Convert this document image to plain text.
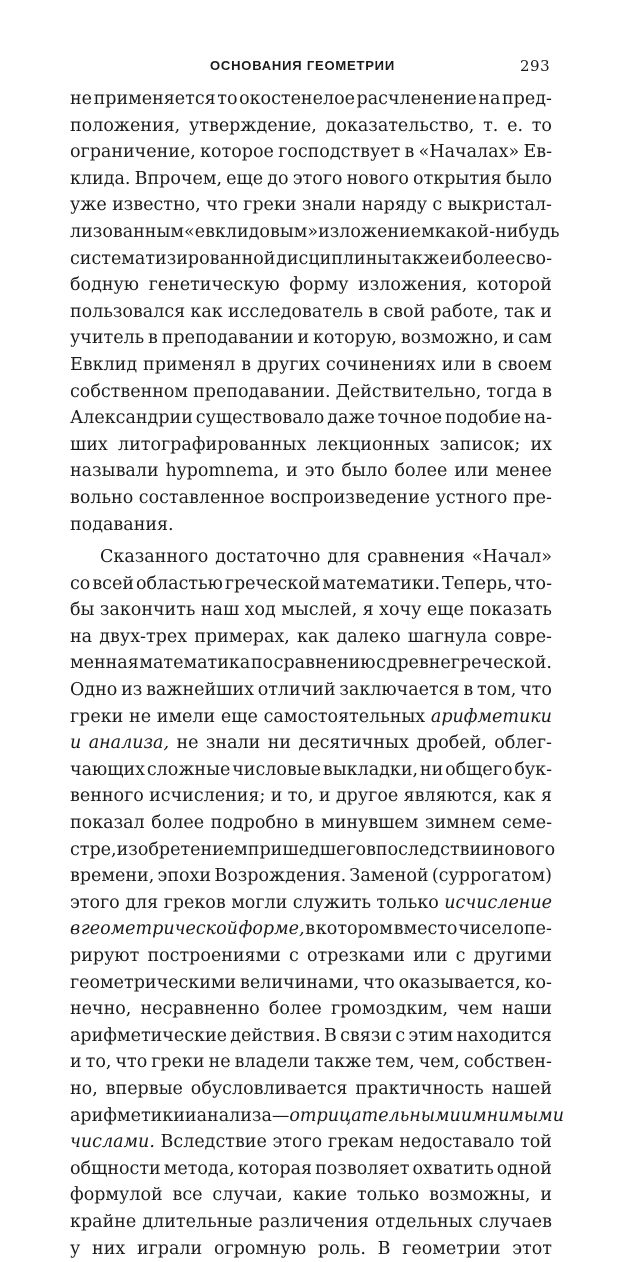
ОСНОВАНИЯ ГЕОМЕТРИИ	293
не применяется то окостенелое расчленение на пред-
положения, утверждение, доказательство, т. е. то
ограничение, которое господствует в «Началах» Ев-
клида. Впрочем, еще до этого нового открытия было
уже известно, что греки знали наряду с выкристал-
лизованным «евклидовым» изложением какой-нибудь
систематизированной дисциплины также и более сво-
бодную генетическую форму изложения, которой
пользовался как исследователь в свой работе, так и
учитель в преподавании и которую, возможно, и сам
Евклид применял в других сочинениях или в своем
собственном преподавании. Действительно, тогда в
Александрии существовало даже точное подобие на-
ших литографированных лекционных записок; их
называли hypomnema, и это было более или менее
вольно составленное воспроизведение устного пре-
подавания.
Сказанного достаточно для сравнения «Начал»
со всей областью греческой математики. Теперь, что-
бы закончить наш ход мыслей, я хочу еще показать
на двух-трех примерах, как далеко шагнула совре-
менная математика по сравнению с древнегреческой.
Одно из важнейших отличий заключается в том, что
греки не имели еще самостоятельных арифметики
и анализа, не знали ни десятичных дробей, облег-
чающих сложные числовые выкладки, ни общего бук-
венного исчисления; и то, и другое являются, как я
показал более подробно в минувшем зимнем семе-
стре, изобретением пришедшего впоследствии нового
времени, эпохи Возрождения. Заменой (суррогатом)
этого для греков могли служить только исчисление
в геометрической форме, в котором вместо чисел опе-
рируют построениями с отрезками или с другими
геометрическими величинами, что оказывается, ко-
нечно, несравненно более громоздким, чем наши
арифметические действия. В связи с этим находится
и то, что греки не владели также тем, чем, собствен-
но, впервые обусловливается практичность нашей
арифметики и анализа — отрицательными и мнимыми
числами. Вследствие этого грекам недоставало той
общности метода, которая позволяет охватить одной
формулой все случаи, какие только возможны, и
крайне длительные различения отдельных случаев
у них играли огромную роль. В геометрии этот
